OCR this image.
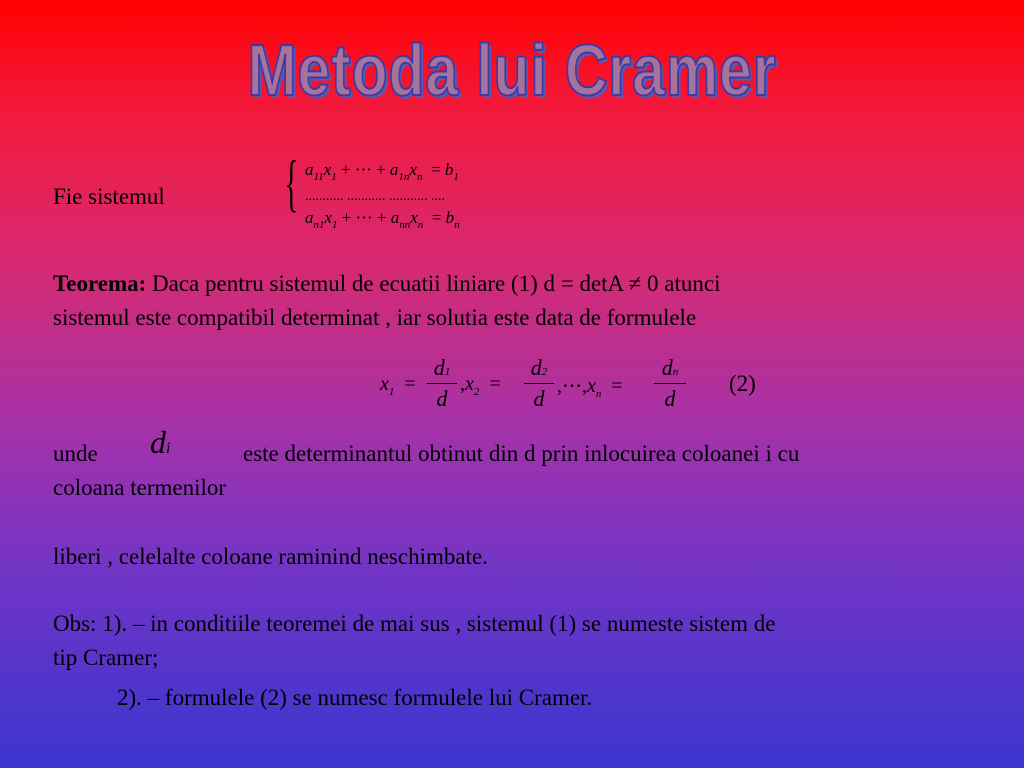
Metoda lui Cramer
Fie sistemul { $a_{11}x_1$ + ⋯ + $a_{1n}x_n = b_1$
........... ........... ........... ....
$a_{n1}x_1$ + ⋯ + $a_{nn}x_n = b_n$
Teorema: Daca pentru sistemul de ecuatii liniare (1) d = detA ≠ 0 atunci
sistemul este compatibil determinat , iar solutia este data de formulele
$x_1 = \frac{d1}{d} ,x_2 = \frac{d2}{d}$ $,\cdots,x_n = \frac{dn}{d} (2)$
unde di	este determinantul obtinut din d prin inlocuirea coloanei i cu
coloana termenilor
liberi , celelalte coloane raminind neschimbate.
Obs: 1). – in conditiile teoremei de mai sus , sistemul (1) se numeste sistem de
tip Cramer;
2). – formulele (2) se numesc formulele lui Cramer.
